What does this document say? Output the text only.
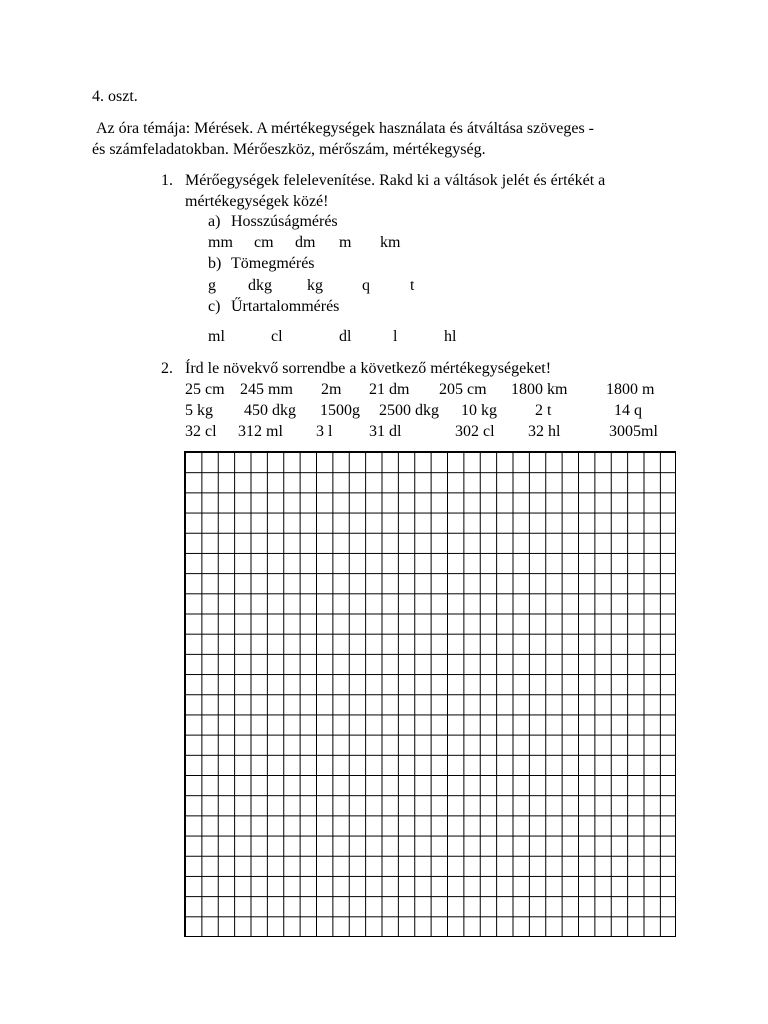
4. oszt.
Az óra témája: Mérések. A mértékegységek használata és átváltása szöveges -
és számfeladatokban. Mérőeszköz, mérőszám, mértékegység.
1. Mérőegységek felelevenítése. Rakd ki a váltások jelét és értékét a
mértékegységek közé!
a) Hosszúságmérés
mm cm dm m km
b) Tömegmérés
g dkg kg q	t
c) Űrtartalommérés
ml	cl	dl	l	hl
2. Írd le növekvő sorrendbe a következő mértékegységeket!
25 cm 245 mm 2m 21 dm 205 cm 1800 km 1800 m
5 kg 450 dkg 1500g 2500 dkg 10 kg 2 t	14 q
32 cl 312 ml 3 l 31 dl	302 cl 32 hl	3005ml
